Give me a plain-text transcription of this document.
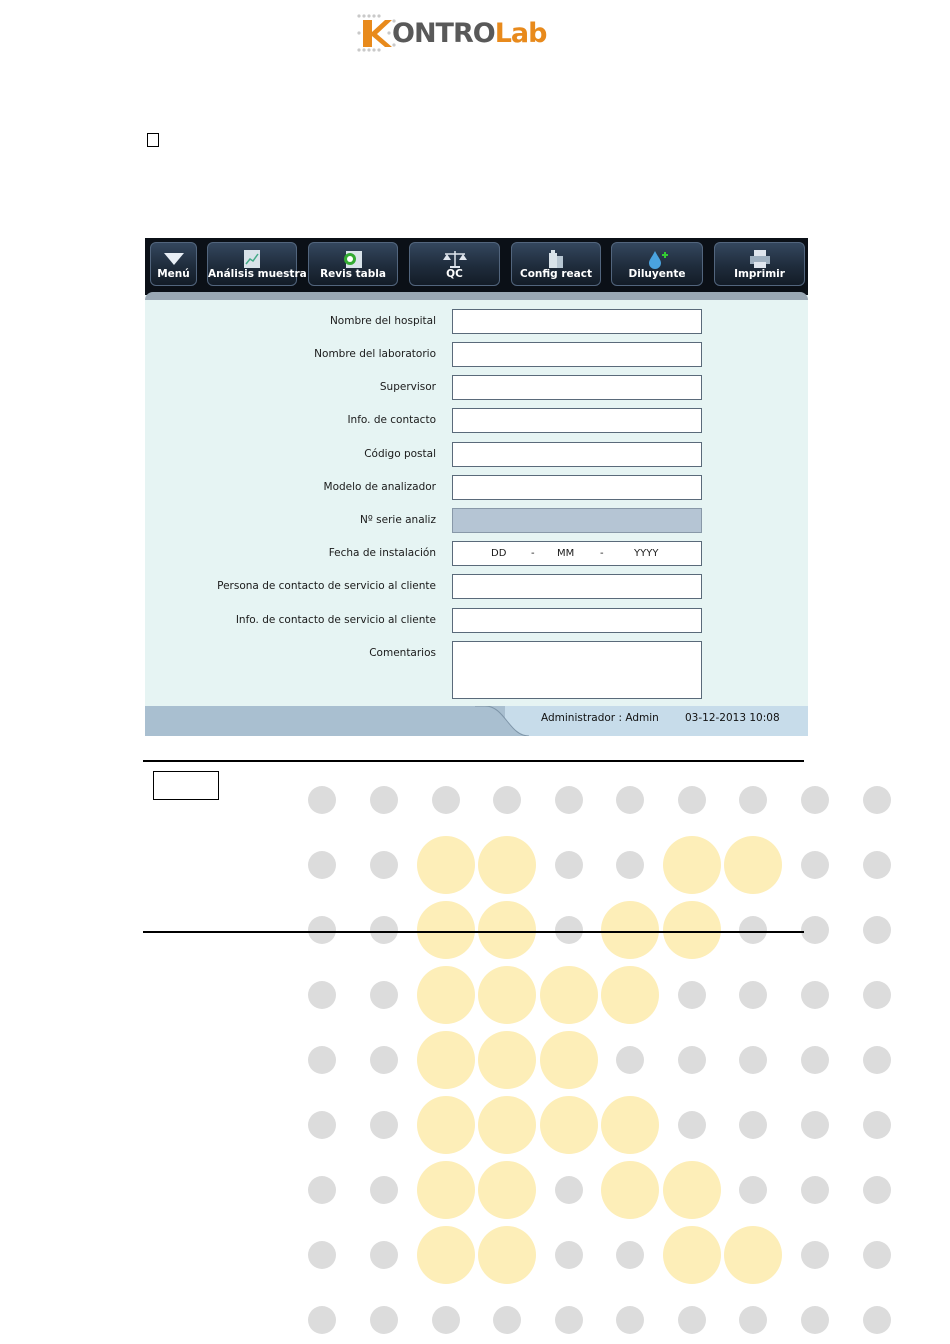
ONTROLab
Menú	Análisis muestra	Revis tabla	QC	Config react	Diluyente	Imprimir
Nombre del hospital
Nombre del laboratorio
Supervisor
Info. de contacto
Código postal
Modelo de analizador
Nº serie analiz
Fecha de instalación	DD - MM	-	YYYY
Persona de contacto de servicio al cliente
Info. de contacto de servicio al cliente
Comentarios
Administrador : Admin 03-12-2013 10:08
